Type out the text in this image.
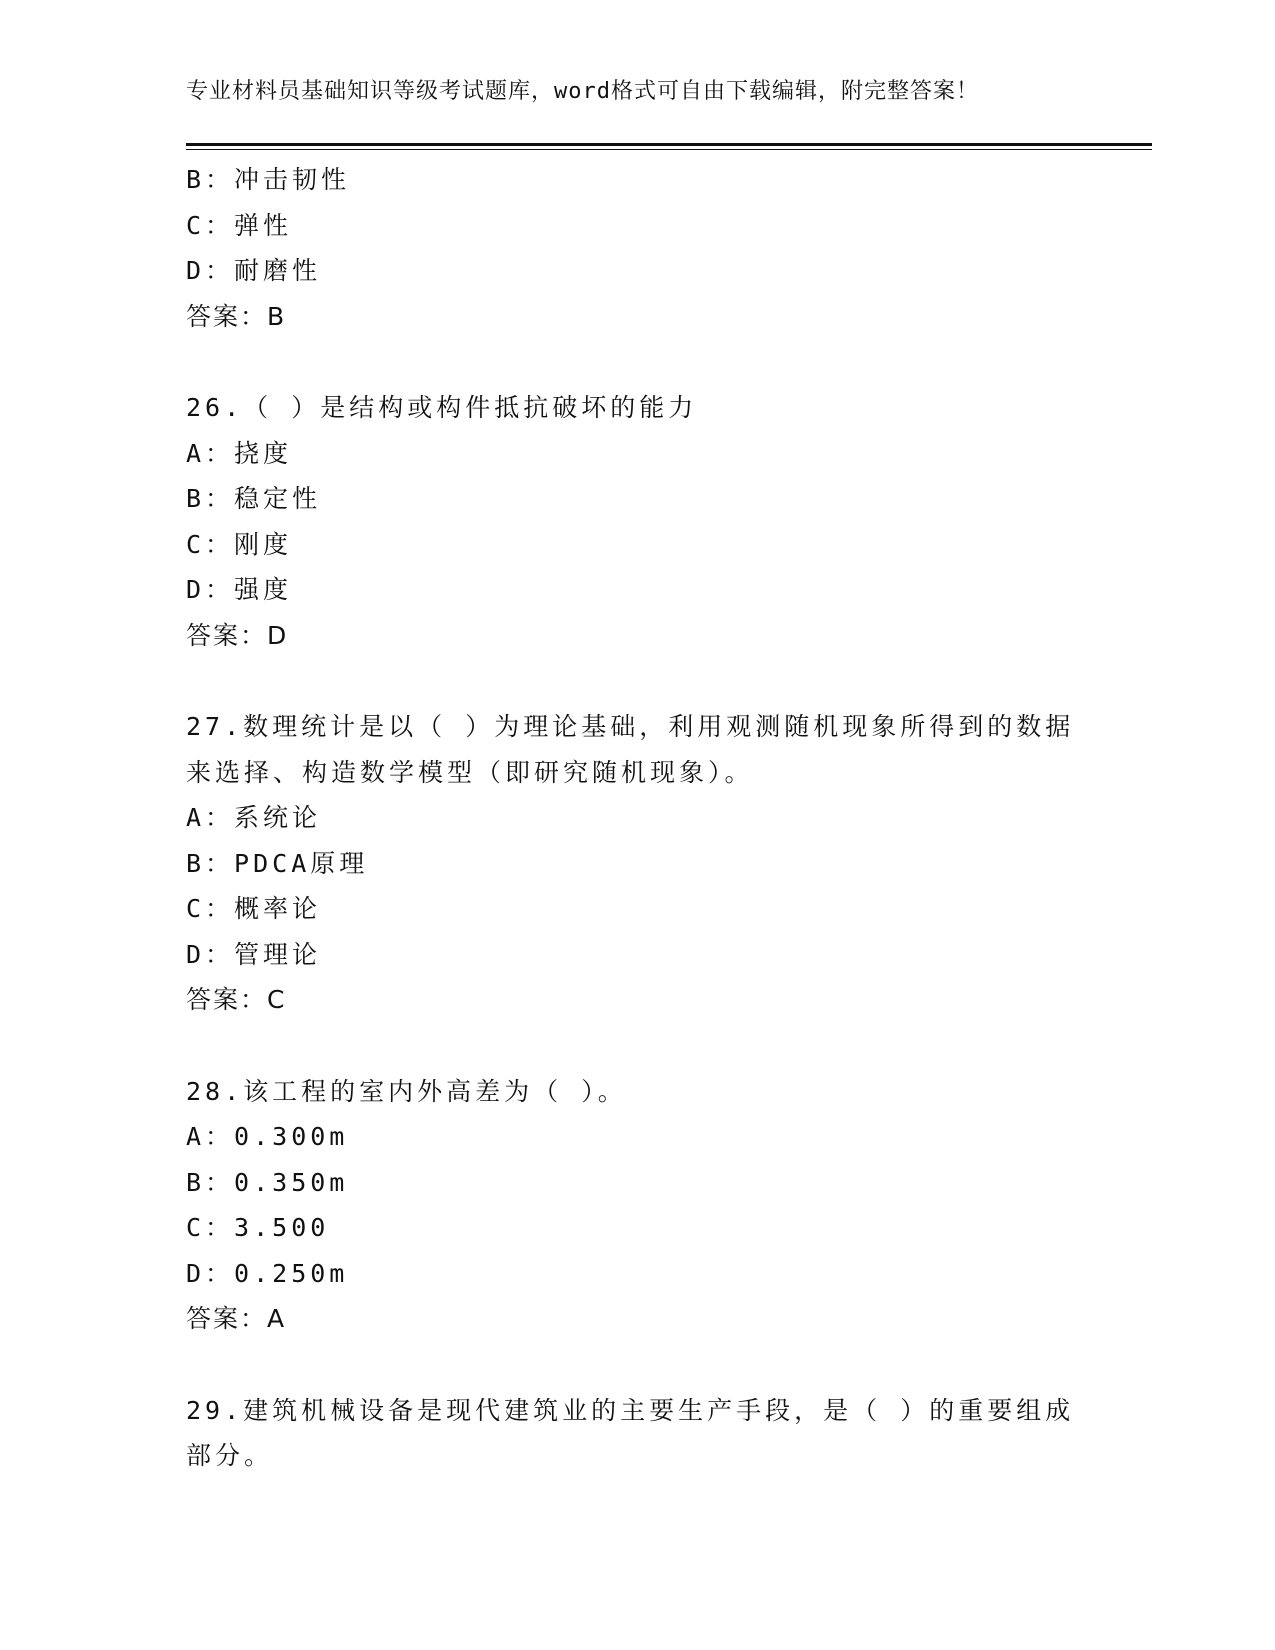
专业材料员基础知识等级考试题库，word格式可自由下载编辑，附完整答案！
B：冲击韧性
C：弹性
D：耐磨性
答案：B
26.（ ）是结构或构件抵抗破坏的能力
A：挠度
B：稳定性
C：刚度
D：强度
答案：D
27.数理统计是以（ ）为理论基础，利用观测随机现象所得到的数据
来选择、构造数学模型（即研究随机现象）。
A：系统论
B：PDCA原理
C：概率论
D：管理论
答案：C
28.该工程的室内外高差为（ ）。
A：0.300m
B：0.350m
C：3.500
D：0.250m
答案：A
29.建筑机械设备是现代建筑业的主要生产手段，是（ ）的重要组成
部分。
